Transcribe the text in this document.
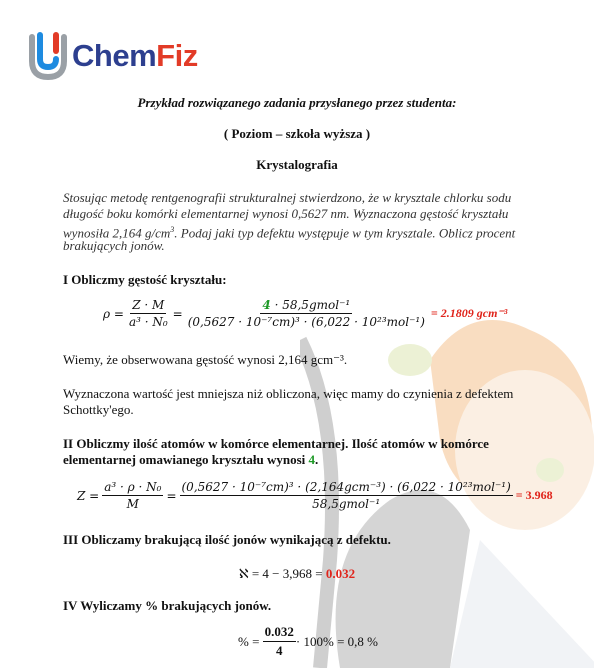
ChemFiz
Przykład rozwiązanego zadania przysłanego przez studenta:
( Poziom – szkoła wyższa )
Krystalografia
Stosując metodę rentgenografii strukturalnej stwierdzono, że w krysztale chlorku sodu
długość boku komórki elementarnej wynosi 0,5627 nm. Wyznaczona gęstość kryształu
wynosiła 2,164 $g/cm^3$. Podaj jaki typ defektu występuje w tym krysztale. Oblicz procent
brakujących jonów.
I Obliczmy gęstość kryształu:
ρ =
$\frac{Z \cdot M}{\text{a³ · N₀}}$
=
$\frac{\text{4 · 58,5gmol⁻¹}}{\text{(0,5627 · 10⁻⁷cm)³ · (6,022 · 10²³mol⁻¹)}} = 2.1809$ gcm⁻³
Wiemy, że obserwowana gęstość wynosi 2,164 gcm⁻³.
Wyznaczona wartość jest mniejsza niż obliczona, więc mamy do czynienia z defektem
Schottky'ego.
II Obliczmy ilość atomów w komórce elementarnej. Ilość atomów w komórce
elementarnej omawianego kryształu wynosi 4.
Z =
$\frac{\text{a³ · ρ · N₀}}{M}$
=
$\frac{\text{(0,5627 · 10⁻⁷cm)³ · (2,164gcm⁻³) · (6,022 · 10²³mol⁻¹)}}{\text{58,5gmol⁻¹}} = 3.968$
III Obliczamy brakującą ilość jonów wynikającą z defektu.
ℵ = 4 − 3,968 = 0.032
IV Wyliczamy % brakujących jonów.
% =
$\frac{0.032}{4} \cdot 100\% = 0,8$ %
